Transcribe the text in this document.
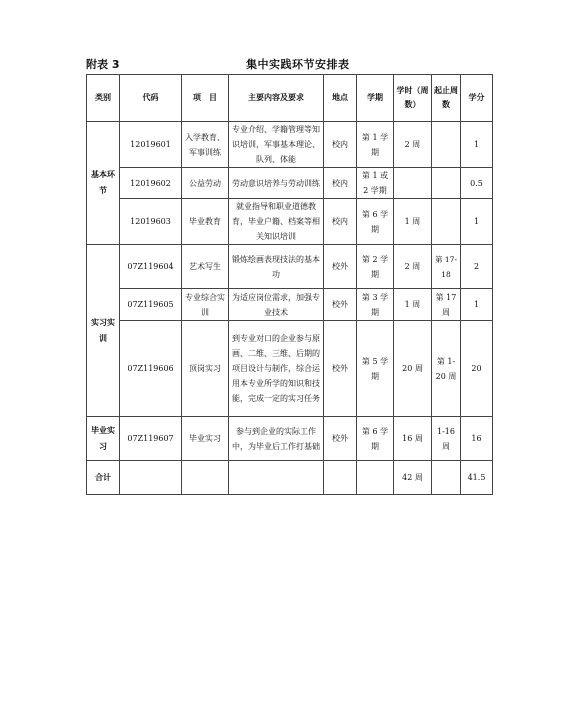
附表 3	集中实践环节安排表
类别	代码	项　目	主要内容及要求	地点	学期	学时（周数）	起止周数	学分
基本环节	12019601	入学教育、军事训练	专业介绍、学籍管理等知识培训，军事基本理论、队列、体能	校内	第 1 学期	2 周		1
	12019602	公益劳动	劳动意识培养与劳动训练	校内	第 1 或 2 学期			0.5
	12019603	毕业教育	就业指导和职业道德教育，毕业户籍、档案等相关知识培训	校内	第 6 学期	1 周		1
实习实训	07Z119604	艺术写生	锻炼绘画表现技法的基本功	校外	第 2 学期	2 周	第 17-18	2
	07Z119605	专业综合实训	为适应岗位需求，加强专业技术	校外	第 3 学期	1 周	第 17 周	1
	07Z119606	顶岗实习	到专业对口的企业参与原画、二维、三维、后期的项目设计与制作，综合运用本专业所学的知识和技能，完成一定的实习任务	校外	第 5 学期	20 周	第 1-20 周	20
毕业实习	07Z119607	毕业实习	参与到企业的实际工作中，为毕业后工作打基础	校外	第 6 学期	16 周	1-16 周	16
合计						42 周		41.5
